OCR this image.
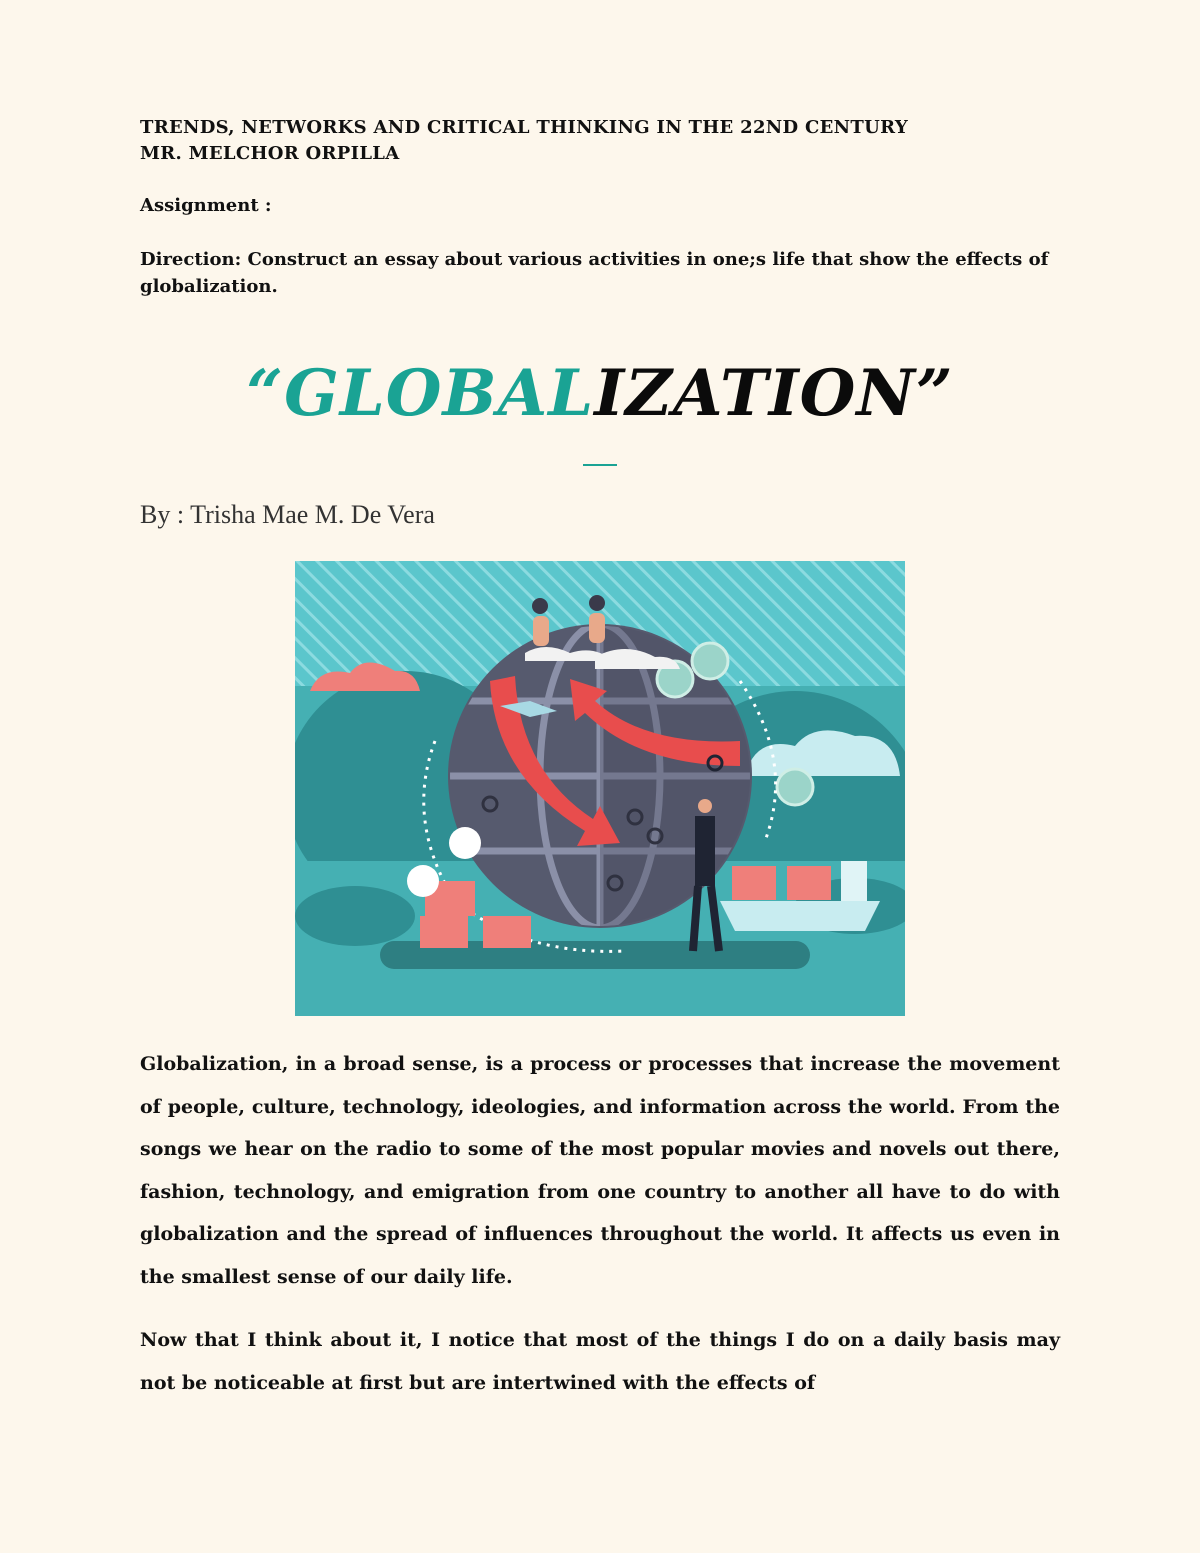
TRENDS, NETWORKS AND CRITICAL THINKING IN THE 22ND CENTURY
MR. MELCHOR ORPILLA
Assignment :
Direction: Construct an essay about various activities in one;s life that show the effects of globalization.
“GLOBALIZATION”
By : Trisha Mae M. De Vera
Globalization, in a broad sense, is a process or processes that increase the movement of people, culture, technology, ideologies, and information across the world. From the songs we hear on the radio to some of the most popular movies and novels out there, fashion, technology, and emigration from one country to another all have to do with globalization and the spread of influences throughout the world. It affects us even in the smallest sense of our daily life.
Now that I think about it, I notice that most of the things I do on a daily basis may not be noticeable at first but are intertwined with the effects of
